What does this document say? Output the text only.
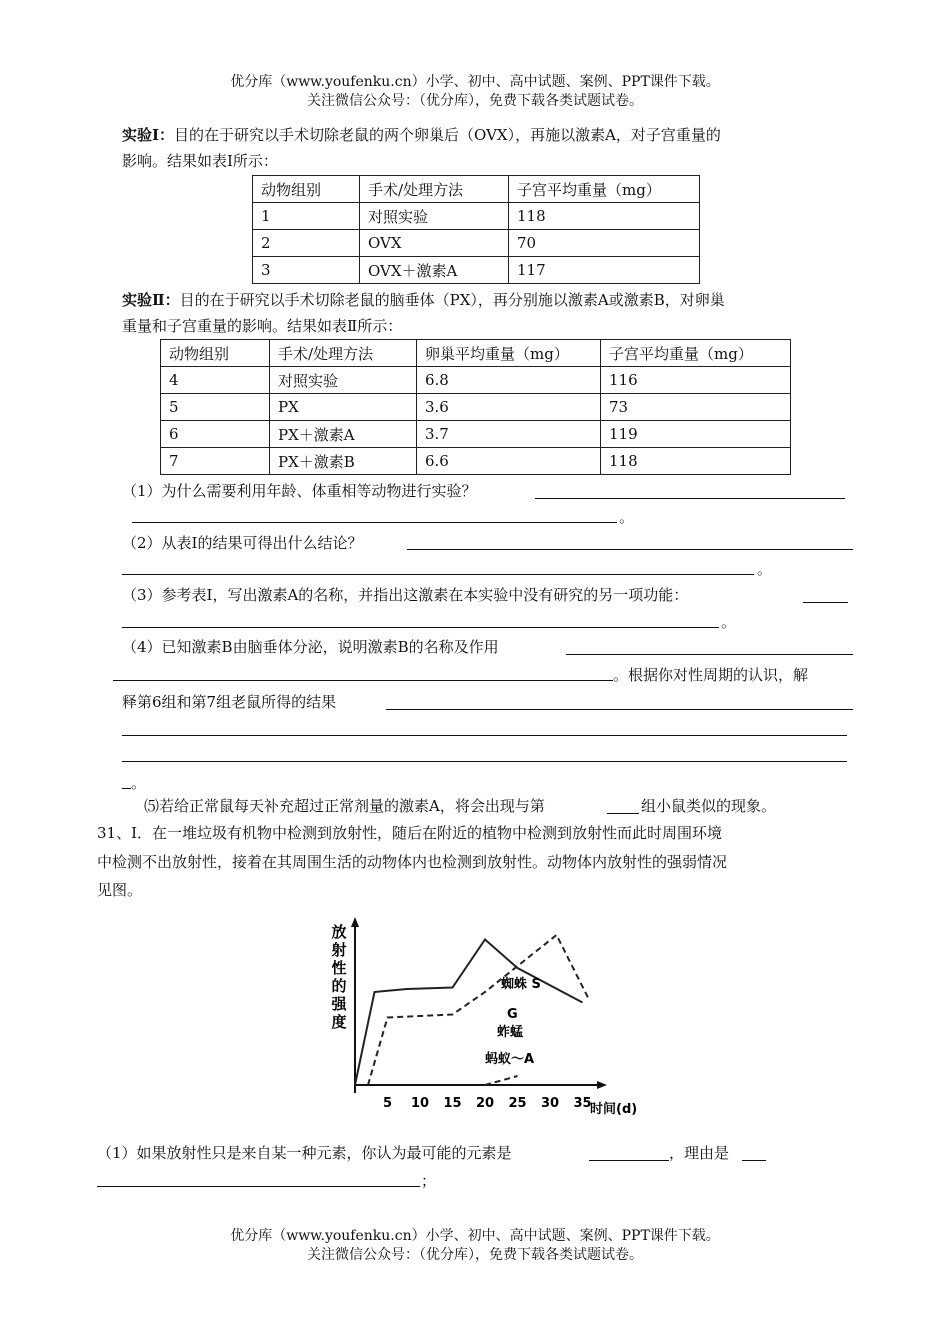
优分库（www.youfenku.cn）小学、初中、高中试题、案例、PPT课件下载。
关注微信公众号：（优分库），免费下载各类试题试卷。
实验Ⅰ：目的在于研究以手术切除老鼠的两个卵巢后（OVX），再施以激素A，对子宫重量的
影响。结果如表Ⅰ所示：
动物组别	手术/处理方法	子宫平均重量（mg）
1	对照实验	118
2	OVX	70
3	OVX＋激素A	117
实验Ⅱ：目的在于研究以手术切除老鼠的脑垂体（PX），再分别施以激素A或激素B，对卵巢
重量和子宫重量的影响。结果如表Ⅱ所示：
动物组别	手术/处理方法	卵巢平均重量（mg）	子宫平均重量（mg）
4	对照实验	6.8	116
5	PX	3.6	73
6	PX＋激素A	3.7	119
7	PX＋激素B	6.6	118
（1）为什么需要利用年龄、体重相等动物进行实验？
。
（2）从表Ⅰ的结果可得出什么结论？
。
（3）参考表Ⅰ，写出激素A的名称，并指出这激素在本实验中没有研究的另一项功能：
。
（4）已知激素B由脑垂体分泌，说明激素B的名称及作用
。根据你对性周期的认识，解
释第6组和第7组老鼠所得的结果
。
⑸若给正常鼠每天补充超过正常剂量的激素A，将会出现与第	组小鼠类似的现象。
31、Ⅰ．在一堆垃圾有机物中检测到放射性，随后在附近的植物中检测到放射性而此时周围环境
中检测不出放射性，接着在其周围生活的动物体内也检测到放射性。动物体内放射性的强弱情况
见图。
放射性的强度
5 10 15 20 25 30 35
时间(d)
蜘蛛 S
G
蚱蜢
蚂蚁～A
（1）如果放射性只是来自某一种元素，你认为最可能的元素是	，理由是
；
优分库（www.youfenku.cn）小学、初中、高中试题、案例、PPT课件下载。
关注微信公众号：（优分库），免费下载各类试题试卷。
